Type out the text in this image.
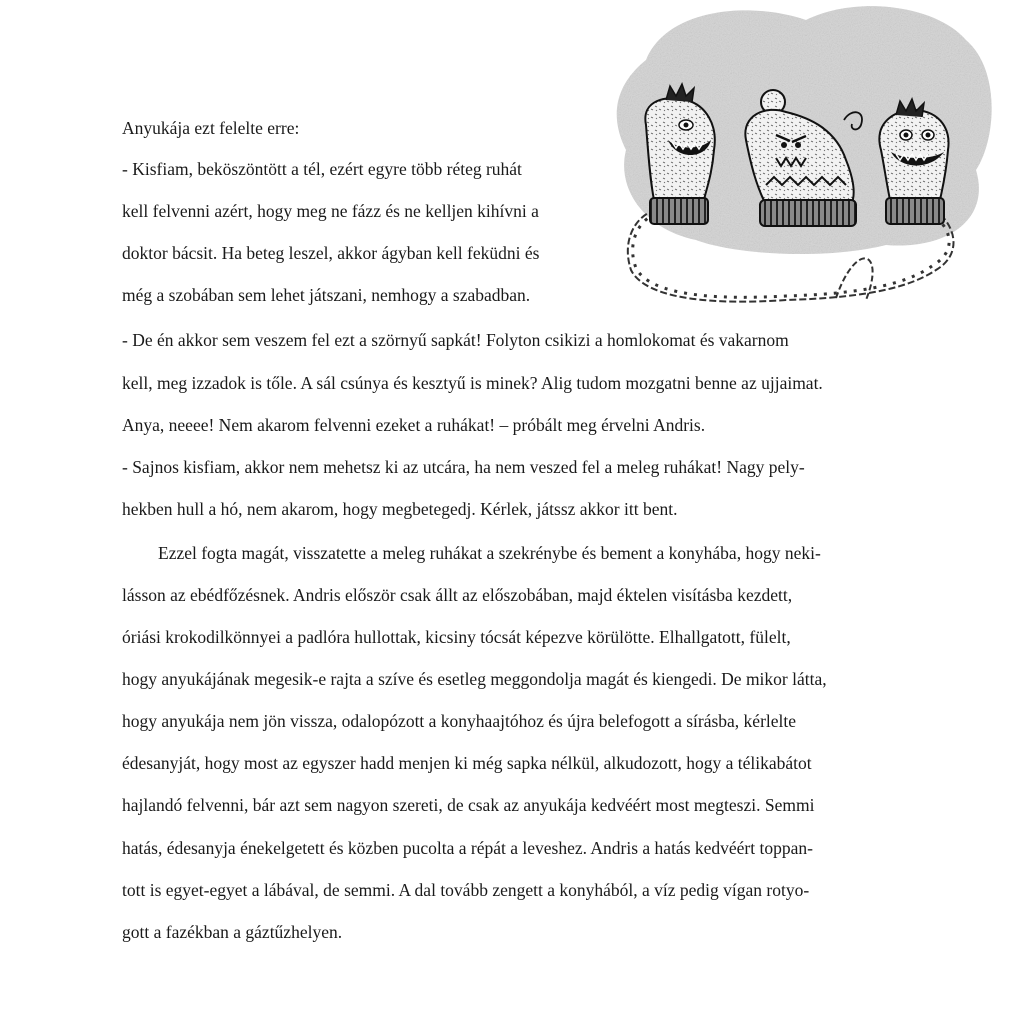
Anyukája ezt felelte erre:
- Kisfiam, beköszöntött a tél, ezért egyre több réteg ruhát
kell felvenni azért, hogy meg ne fázz és ne kelljen kihívni a
doktor bácsit. Ha beteg leszel, akkor ágyban kell feküdni és
még a szobában sem lehet játszani, nemhogy a szabadban.
- De én akkor sem veszem fel ezt a szörnyű sapkát! Folyton csikizi a homlokomat és vakarnom
kell, meg izzadok is tőle. A sál csúnya és kesztyű is minek? Alig tudom mozgatni benne az ujjaimat.
Anya, neeee! Nem akarom felvenni ezeket a ruhákat! – próbált meg érvelni Andris.
- Sajnos kisfiam, akkor nem mehetsz ki az utcára, ha nem veszed fel a meleg ruhákat! Nagy pely-
hekben hull a hó, nem akarom, hogy megbetegedj. Kérlek, játssz akkor itt bent.
Ezzel fogta magát, visszatette a meleg ruhákat a szekrénybe és bement a konyhába, hogy neki-
lásson az ebédfőzésnek. Andris először csak állt az előszobában, majd éktelen visításba kezdett,
óriási krokodilkönnyei a padlóra hullottak, kicsiny tócsát képezve körülötte. Elhallgatott, fülelt,
hogy anyukájának megesik-e rajta a szíve és esetleg meggondolja magát és kiengedi. De mikor látta,
hogy anyukája nem jön vissza, odalopózott a konyhaajtóhoz és újra belefogott a sírásba, kérlelte
édesanyját, hogy most az egyszer hadd menjen ki még sapka nélkül, alkudozott, hogy a télikabátot
hajlandó felvenni, bár azt sem nagyon szereti, de csak az anyukája kedvéért most megteszi. Semmi
hatás, édesanyja énekelgetett és közben pucolta a répát a leveshez. Andris a hatás kedvéért toppan-
tott is egyet-egyet a lábával, de semmi. A dal tovább zengett a konyhából, a víz pedig vígan rotyo-
gott a fazékban a gáztűzhelyen.
